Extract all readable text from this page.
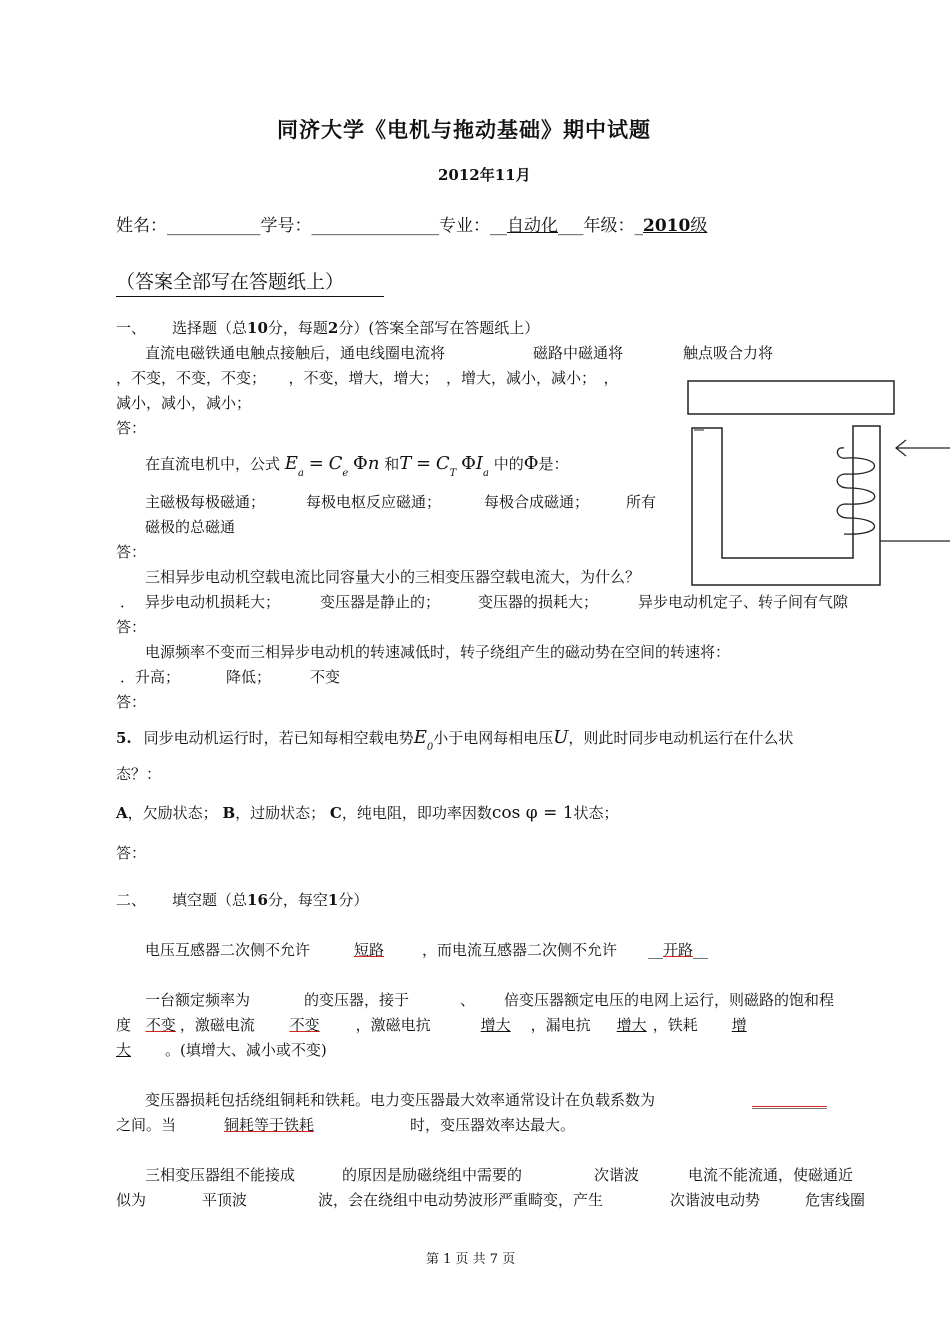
同济大学《电机与拖动基础》期中试题
2012年11月
姓名：___________学号：_______________专业：__自动化___年级：_2010级
（答案全部写在答题纸上）
一、 选择题（总10分，每题2分）(答案全部写在答题纸上）
直流电磁铁通电触点接触后，通电线圈电流将	磁路中磁通将	触点吸合力将
，不变，不变，不变；　　，不变，增大，增大；　，增大，减小，减小；　，
减小，减小，减小；
答：
在直流电机中，公式 $E_a = C_e$ Φn 和$T = C_T$ $\Phi I_a$ 中的Φ是：
主磁极每极磁通；	每极电枢反应磁通；	每极合成磁通； 所有
磁极的总磁通
答：
三相异步电动机空载电流比同容量大小的三相变压器空载电流大，为什么？
． 异步电动机损耗大；	变压器是静止的；	变压器的损耗大；	异步电动机定子、转子间有气隙
答：
电源频率不变而三相异步电动机的转速减低时，转子绕组产生的磁动势在空间的转速将：
．升高；	降低；	不变
答：
5. 同步电动机运行时，若已知每相空载电势$E_0$小于电网每相电压U，则此时同步电动机运行在什么状
态？：
A，欠励状态； B，过励状态； C，纯电阻，即功率因数cos φ = 1状态；
答：
二、 填空题（总16分，每空1分）
电压互感器二次侧不允许	短路	，而电流互感器二次侧不允许 __开路__
一台额定频率为	的变压器，接于	、 倍变压器额定电压的电网上运行，则磁路的饱和程
度 不变 ，激磁电流 不变 ，激磁电抗	增大 ，漏电抗 增大 ，铁耗 增
大 。(填增大、减小或不变)
变压器损耗包括绕组铜耗和铁耗。电力变压器最大效率通常设计在负载系数为	__________
之间。当	铜耗等于铁耗	时，变压器效率达最大。
三相变压器组不能接成	的原因是励磁绕组中需要的	次谐波	电流不能流通，使磁通近
似为	平顶波	波，会在绕组中电动势波形严重畸变，产生	次谐波电动势	危害线圈
第 1 页 共 7 页
